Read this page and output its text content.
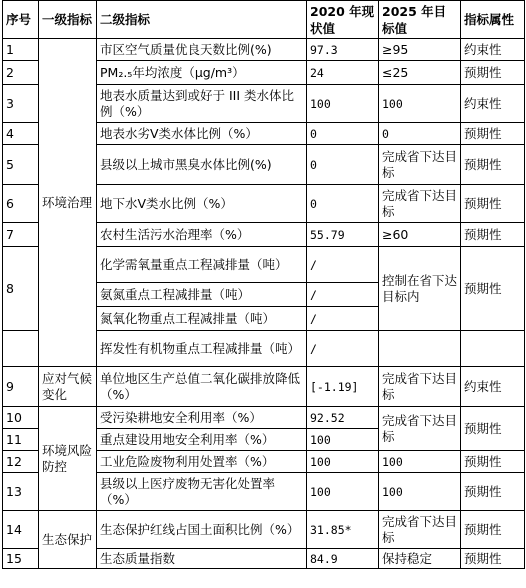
序号	一级指标	二级指标	2020 年现状值	2025 年目标值	指标属性
1	环境治理	市区空气质量优良天数比例(%)	97.3	≥95	约束性
2		PM₂.₅年均浓度（μg/m³）	24	≤25	预期性
3		地表水质量达到或好于 III 类水体比例（%）	100	100	约束性
4		地表水劣Ⅴ类水体比例（%）	0	0	预期性
5		县级以上城市黑臭水体比例(%)	0	完成省下达目标	预期性
6		地下水Ⅴ类水比例（%）	0	完成省下达目标	预期性
7		农村生活污水治理率（%）	55.79	≥60	预期性
8		化学需氧量重点工程减排量（吨）	/	控制在省下达目标内	预期性
		氨氮重点工程减排量（吨）	/		
		氮氧化物重点工程减排量（吨）	/		
		挥发性有机物重点工程减排量（吨）	/		
9	应对气候变化	单位地区生产总值二氧化碳排放降低（%）	[-1.19]	完成省下达目标	约束性
10	环境风险防控	受污染耕地安全利用率（%）	92.52	完成省下达目标	预期性
11		重点建设用地安全利用率（%）	100		
12		工业危险废物利用处置率（%）	100	100	预期性
13		县级以上医疗废物无害化处置率（%）	100	100	预期性
14	生态保护	生态保护红线占国土面积比例（%）	31.85*	完成省下达目标	预期性
15		生态质量指数	84.9	保持稳定	预期性
